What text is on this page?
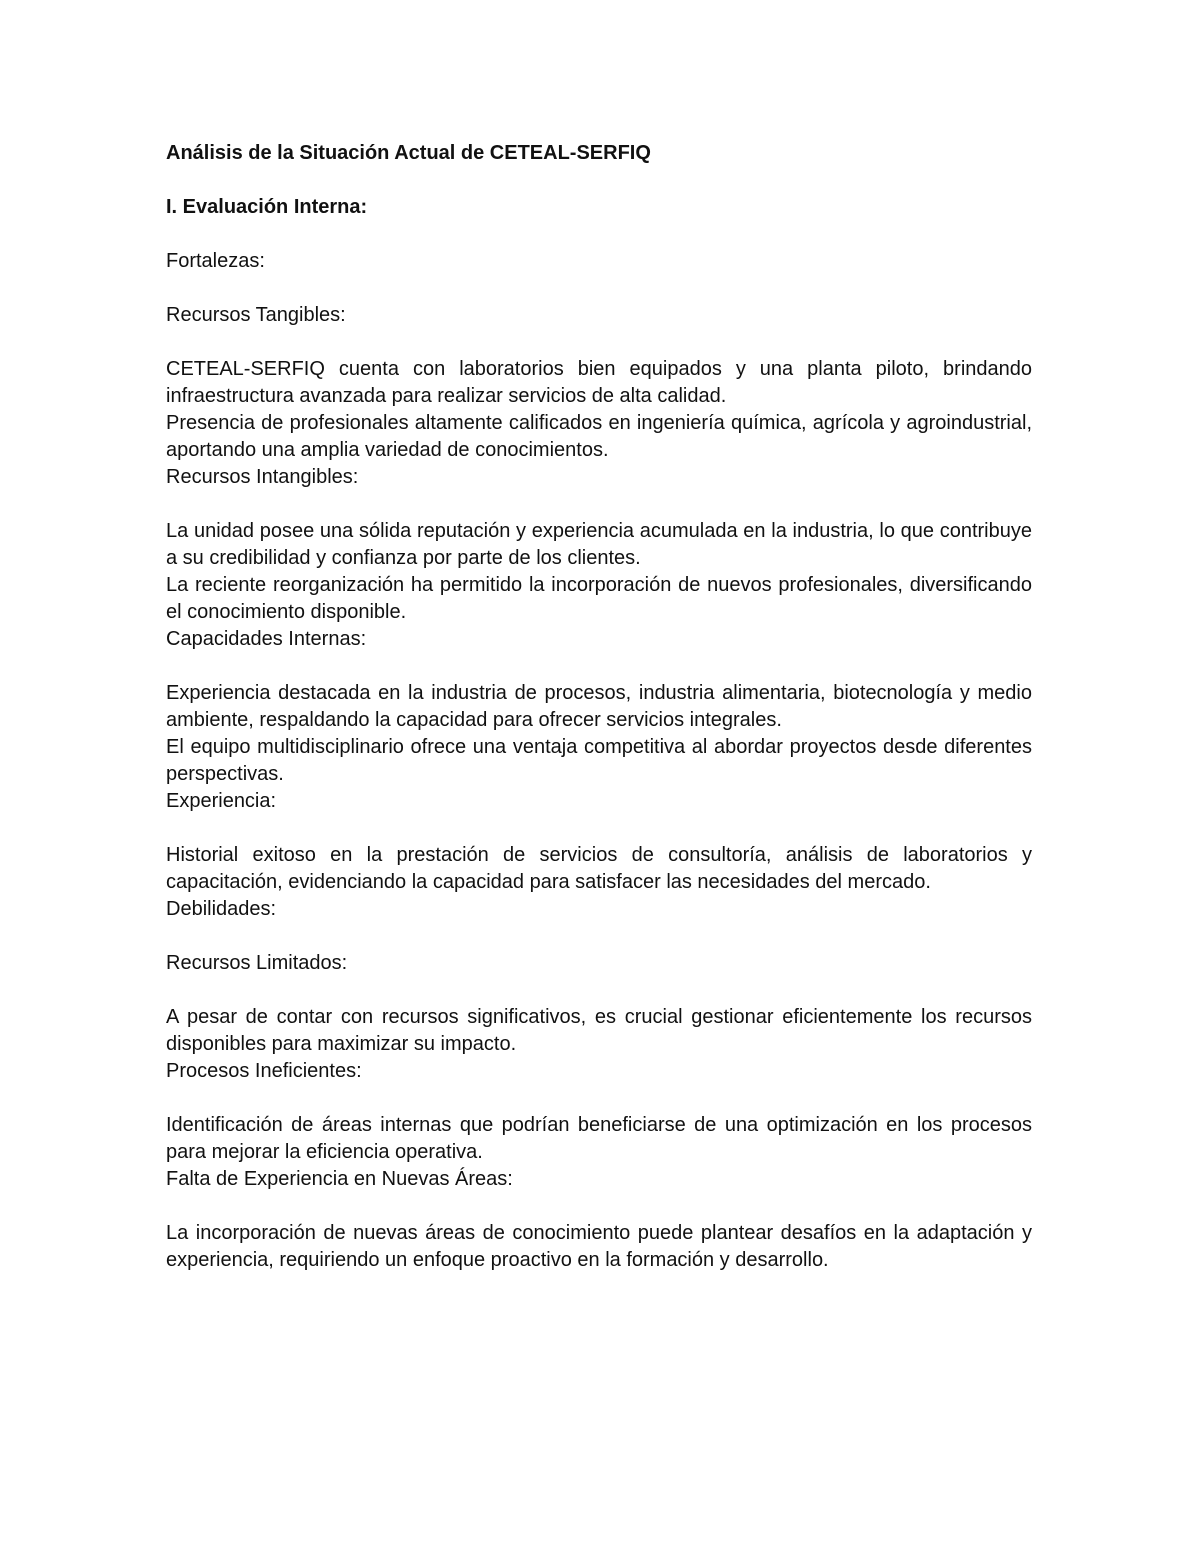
Análisis de la Situación Actual de CETEAL-SERFIQ

I. Evaluación Interna:

Fortalezas:

Recursos Tangibles:

CETEAL-SERFIQ cuenta con laboratorios bien equipados y una planta piloto, brindando infraestructura avanzada para realizar servicios de alta calidad.

Presencia de profesionales altamente calificados en ingeniería química, agrícola y agroindustrial, aportando una amplia variedad de conocimientos.

Recursos Intangibles:

La unidad posee una sólida reputación y experiencia acumulada en la industria, lo que contribuye a su credibilidad y confianza por parte de los clientes.

La reciente reorganización ha permitido la incorporación de nuevos profesionales, diversificando el conocimiento disponible.

Capacidades Internas:

Experiencia destacada en la industria de procesos, industria alimentaria, biotecnología y medio ambiente, respaldando la capacidad para ofrecer servicios integrales.

El equipo multidisciplinario ofrece una ventaja competitiva al abordar proyectos desde diferentes perspectivas.

Experiencia:

Historial exitoso en la prestación de servicios de consultoría, análisis de laboratorios y capacitación, evidenciando la capacidad para satisfacer las necesidades del mercado.

Debilidades:

Recursos Limitados:

A pesar de contar con recursos significativos, es crucial gestionar eficientemente los recursos disponibles para maximizar su impacto.

Procesos Ineficientes:

Identificación de áreas internas que podrían beneficiarse de una optimización en los procesos para mejorar la eficiencia operativa.

Falta de Experiencia en Nuevas Áreas:

La incorporación de nuevas áreas de conocimiento puede plantear desafíos en la adaptación y experiencia, requiriendo un enfoque proactivo en la formación y desarrollo.
